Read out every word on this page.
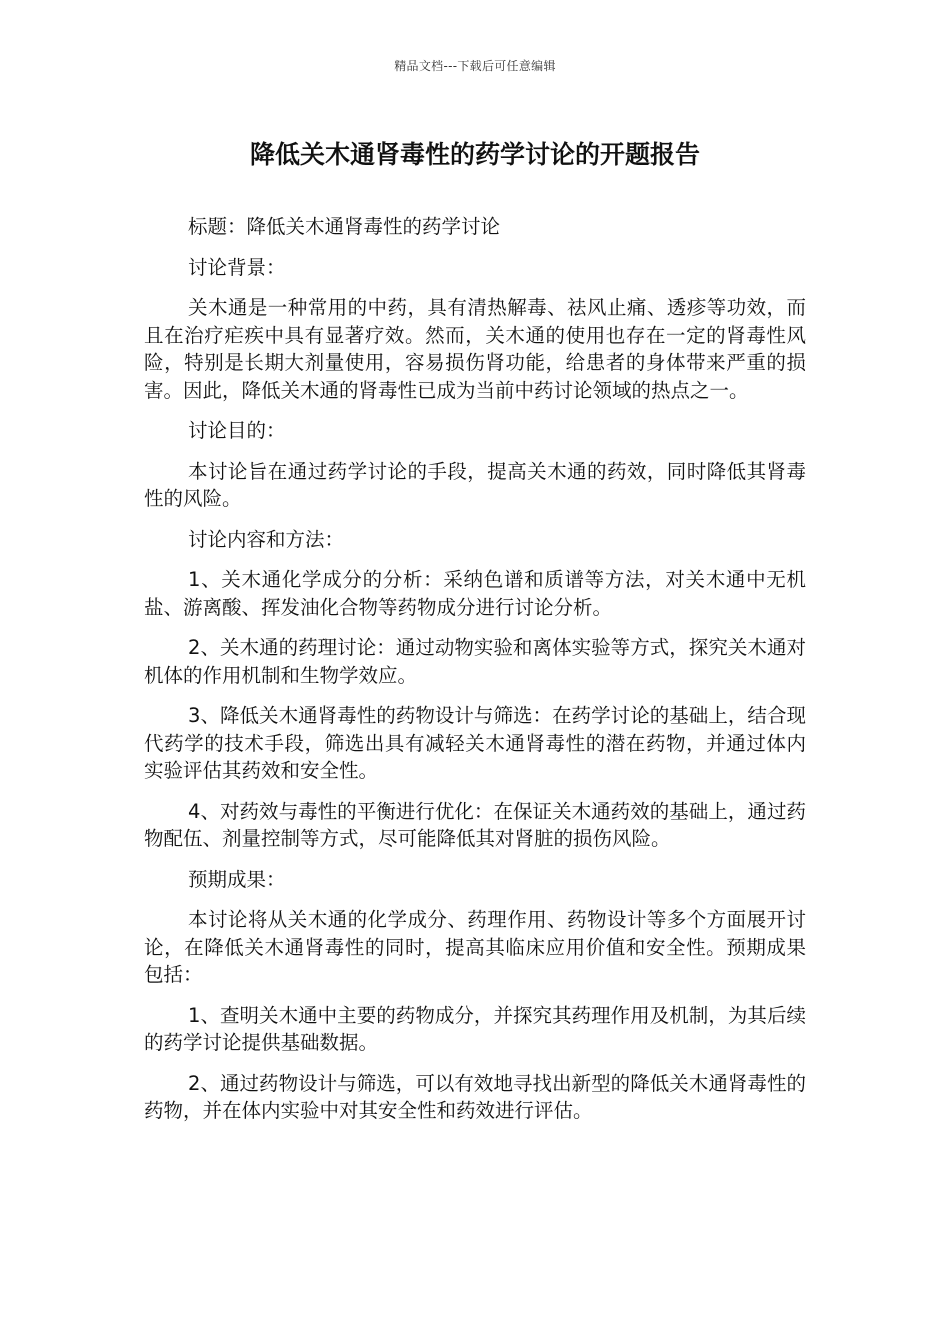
精品文档---下载后可任意编辑
降低关木通肾毒性的药学讨论的开题报告

标题：降低关木通肾毒性的药学讨论

讨论背景：

关木通是一种常用的中药，具有清热解毒、祛风止痛、透疹等功效，而且在治疗疟疾中具有显著疗效。然而，关木通的使用也存在一定的肾毒性风险，特别是长期大剂量使用，容易损伤肾功能，给患者的身体带来严重的损害。因此，降低关木通的肾毒性已成为当前中药讨论领域的热点之一。

讨论目的：

本讨论旨在通过药学讨论的手段，提高关木通的药效，同时降低其肾毒性的风险。

讨论内容和方法：

1、关木通化学成分的分析：采纳色谱和质谱等方法，对关木通中无机盐、游离酸、挥发油化合物等药物成分进行讨论分析。

2、关木通的药理讨论：通过动物实验和离体实验等方式，探究关木通对机体的作用机制和生物学效应。

3、降低关木通肾毒性的药物设计与筛选：在药学讨论的基础上，结合现代药学的技术手段，筛选出具有减轻关木通肾毒性的潜在药物，并通过体内实验评估其药效和安全性。

4、对药效与毒性的平衡进行优化：在保证关木通药效的基础上，通过药物配伍、剂量控制等方式，尽可能降低其对肾脏的损伤风险。

预期成果：

本讨论将从关木通的化学成分、药理作用、药物设计等多个方面展开讨论，在降低关木通肾毒性的同时，提高其临床应用价值和安全性。预期成果包括：

1、查明关木通中主要的药物成分，并探究其药理作用及机制，为其后续的药学讨论提供基础数据。

2、通过药物设计与筛选，可以有效地寻找出新型的降低关木通肾毒性的药物，并在体内实验中对其安全性和药效进行评估。
